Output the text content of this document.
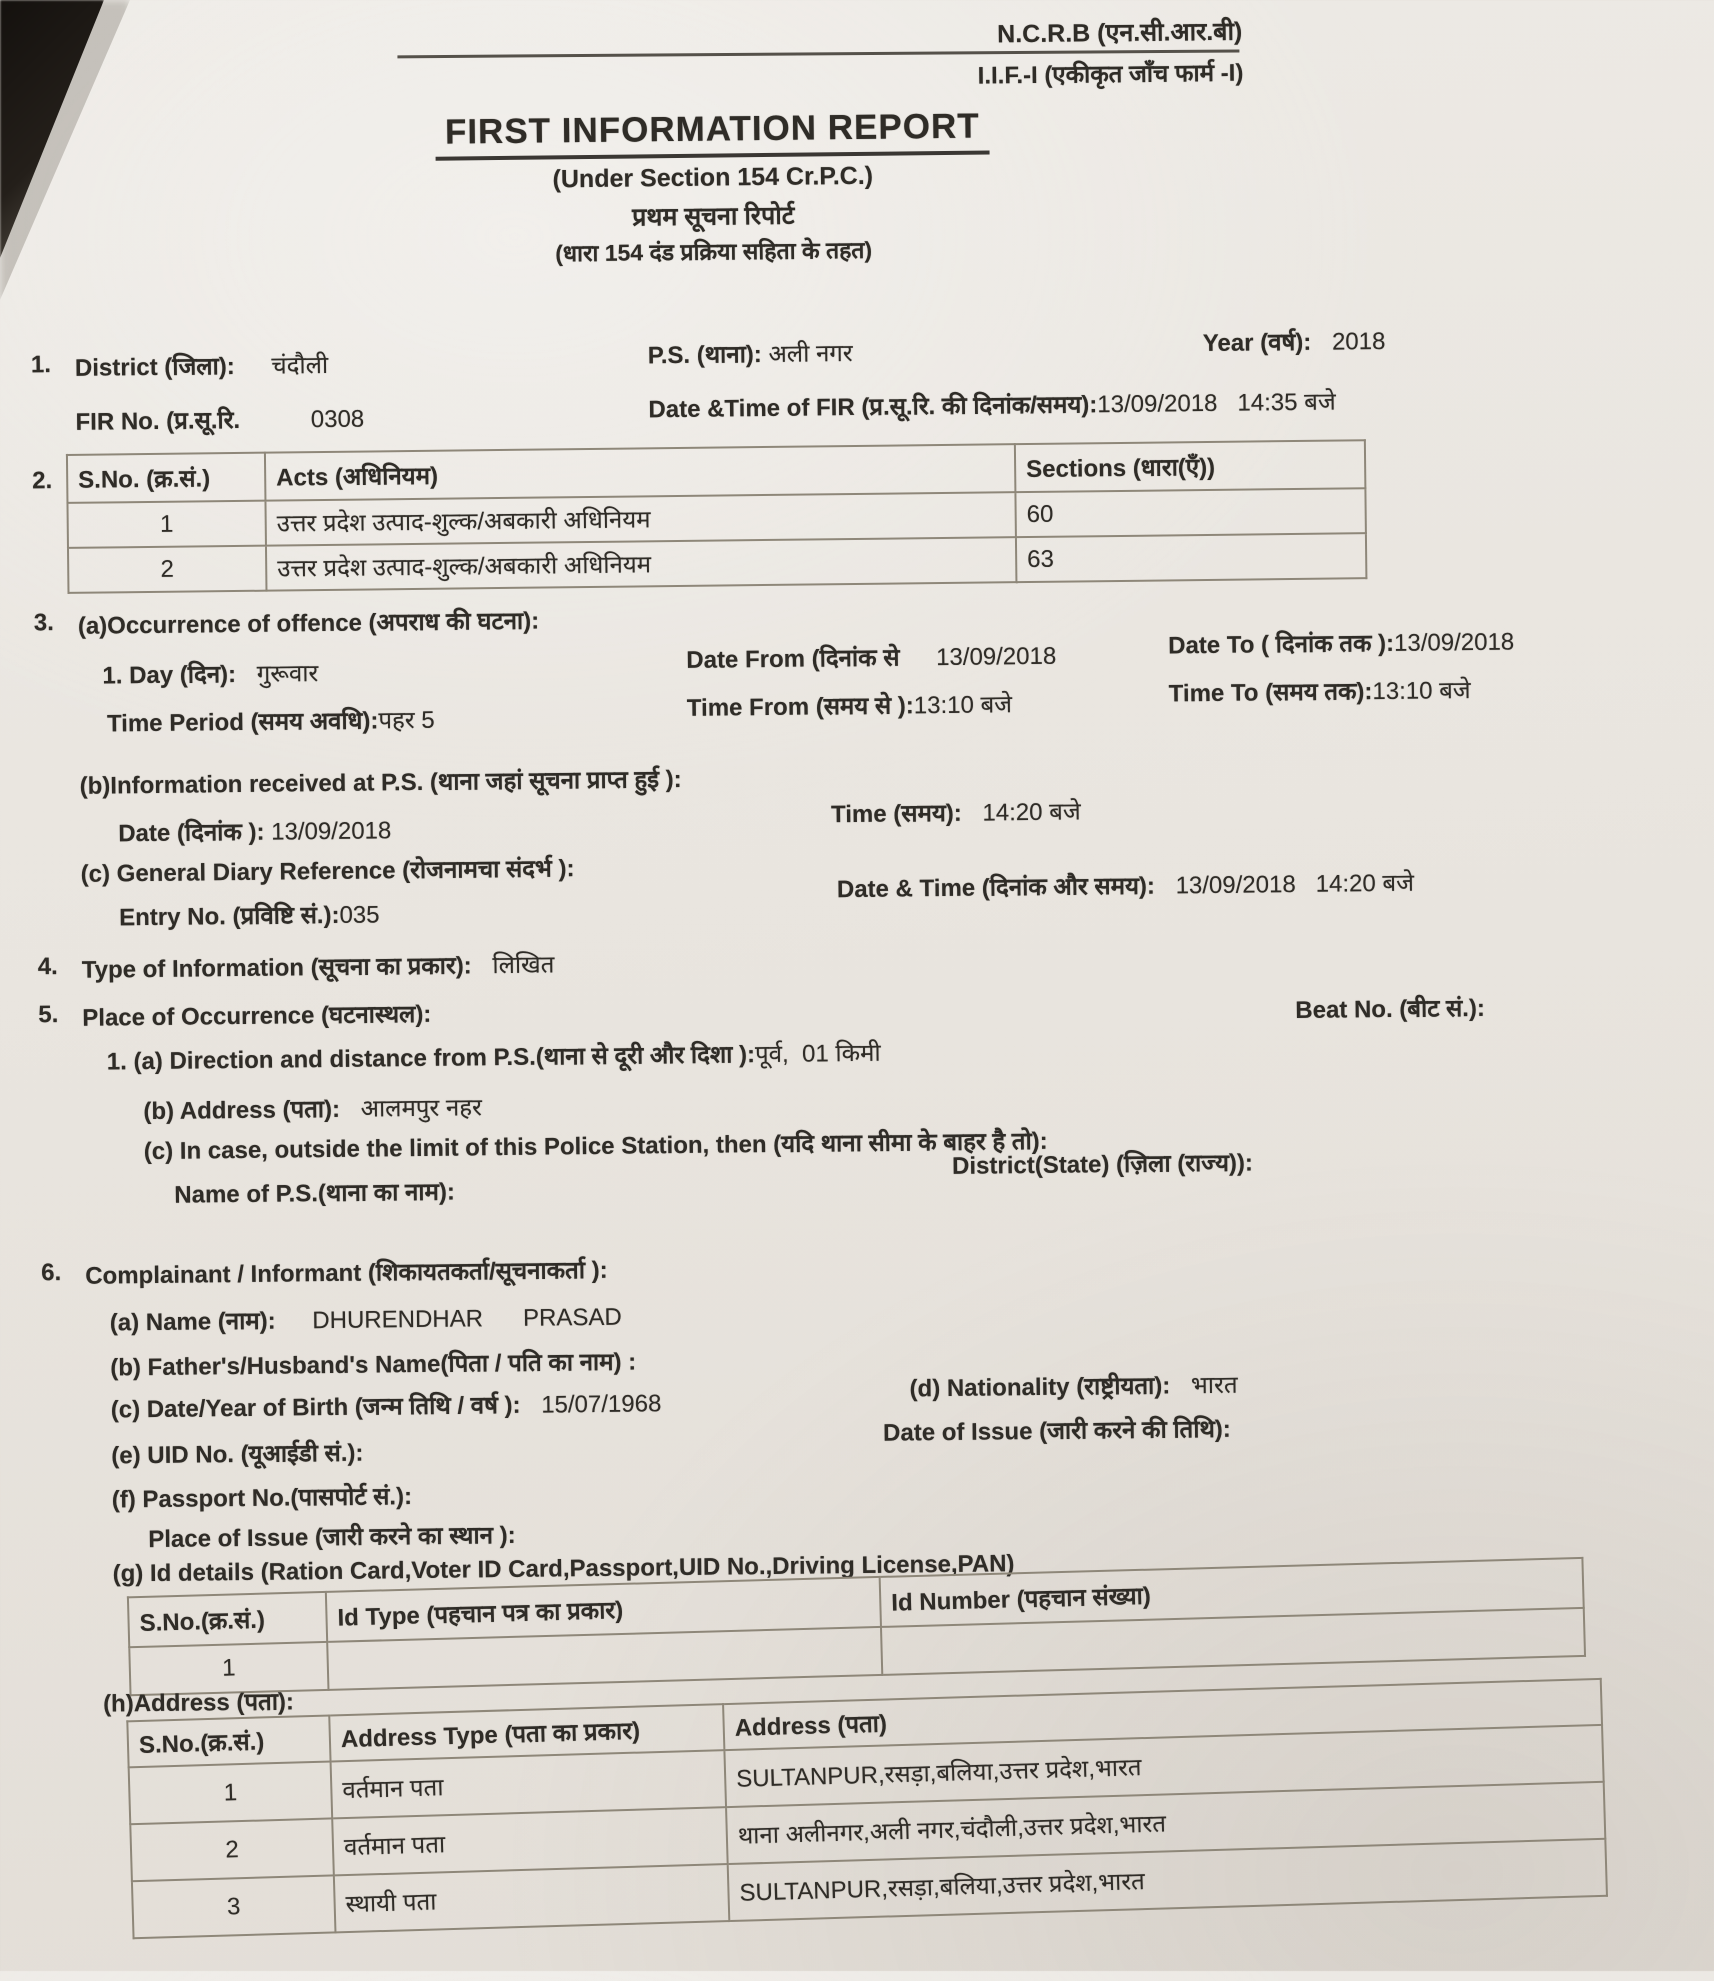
N.C.R.B (एन.सी.आर.बी)
I.I.F.-I (एकीकृत जाँच फार्म -I)
FIRST INFORMATION REPORT
(Under Section 154 Cr.P.C.)
प्रथम सूचना रिपोर्ट
(धारा 154 दंड प्रक्रिया सहिता के तहत)
1. District (जिला): चंदौली	P.S. (थाना): अली नगर	Year (वर्ष): 2018
FIR No. (प्र.सू.रि.	0308	Date &Time of FIR (प्र.सू.रि. की दिनांक/समय):13/09/2018   14:35 बजे
2. S.No. (क्र.सं.)	Acts (अधिनियम)	Sections (धारा(एँ))
1	उत्तर प्रदेश उत्पाद-शुल्क/अबकारी अधिनियम	60
2	उत्तर प्रदेश उत्पाद-शुल्क/अबकारी अधिनियम	63
3. (a)Occurrence of offence (अपराध की घटना):
1. Day (दिन): गुरूवार
Date From (दिनांक से 13/09/2018	Date To ( दिनांक तक ):13/09/2018
Time Period (समय अवधि):पहर 5	Time From (समय से ):13:10 बजे	Time To (समय तक):13:10 बजे
(b)Information received at P.S. (थाना जहां सूचना प्राप्त हुई ):
Date (दिनांक ): 13/09/2018
Time (समय): 14:20 बजे
(c) General Diary Reference (रोजनामचा संदर्भ ):
Entry No. (प्रविष्टि सं.):035
Date & Time (दिनांक और समय): 13/09/2018   14:20 बजे
4. Type of Information (सूचना का प्रकार): लिखित
5. Place of Occurrence (घटनास्थल):	Beat No. (बीट सं.):
1. (a) Direction and distance from P.S.(थाना से दूरी और दिशा ):पूर्व,  01 किमी
(b) Address (पता): आलमपुर नहर
(c) In case, outside the limit of this Police Station, then (यदि थाना सीमा के बाहर है तो):
Name of P.S.(थाना का नाम):
District(State) (ज़िला (राज्य)):
6. Complainant / Informant (शिकायतकर्ता/सूचनाकर्ता ):
(a) Name (नाम): DHURENDHAR      PRASAD
(b) Father's/Husband's Name(पिता / पति का नाम) :
(c) Date/Year of Birth (जन्म तिथि / वर्ष ): 15/07/1968
(d) Nationality (राष्ट्रीयता): भारत
(e) UID No. (यूआईडी सं.):
Date of Issue (जारी करने की तिथि):
(f) Passport No.(पासपोर्ट सं.):
Place of Issue (जारी करने का स्थान ):
(g) Id details (Ration Card,Voter ID Card,Passport,UID No.,Driving License,PAN)
S.No.(क्र.सं.)	Id Type (पहचान पत्र का प्रकार)	Id Number (पहचान संख्या)
1		
(h)Address (पता):
S.No.(क्र.सं.)	Address Type (पता का प्रकार)	Address (पता)
1	वर्तमान पता	SULTANPUR,रसड़ा,बलिया,उत्तर प्रदेश,भारत
2	वर्तमान पता	थाना अलीनगर,अली नगर,चंदौली,उत्तर प्रदेश,भारत
3	स्थायी पता	SULTANPUR,रसड़ा,बलिया,उत्तर प्रदेश,भारत
